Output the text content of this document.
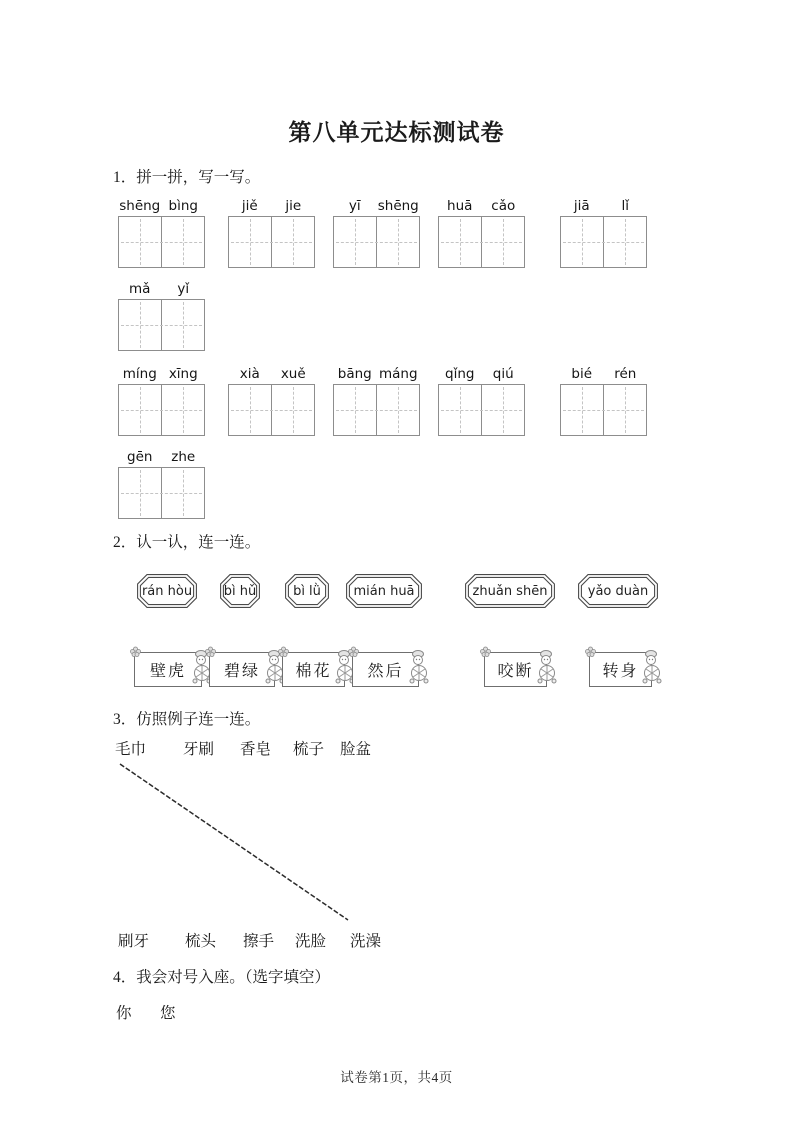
第八单元达标测试卷
1．拼一拼，写一写。
shēng bìng	jiě	jie	yī	shēng	huā	cǎo	jiā	lǐ
mǎ	yǐ
míng xīng	xià	xuě	bāng máng	qǐng	qiú	bié	rén
gēn	zhe
2．认一认，连一连。
rán hòu bì hǔ	bì lǜ	mián huā	zhuǎn shēn	yǎo duàn
壁虎 碧绿 棉花 然后	咬断	转身
3．仿照例子连一连。
毛巾 牙刷 香皂 梳子 脸盆
刷牙 梳头 擦手 洗脸 洗澡
4．我会对号入座。（选字填空）
你 您
试卷第1页，共4页
